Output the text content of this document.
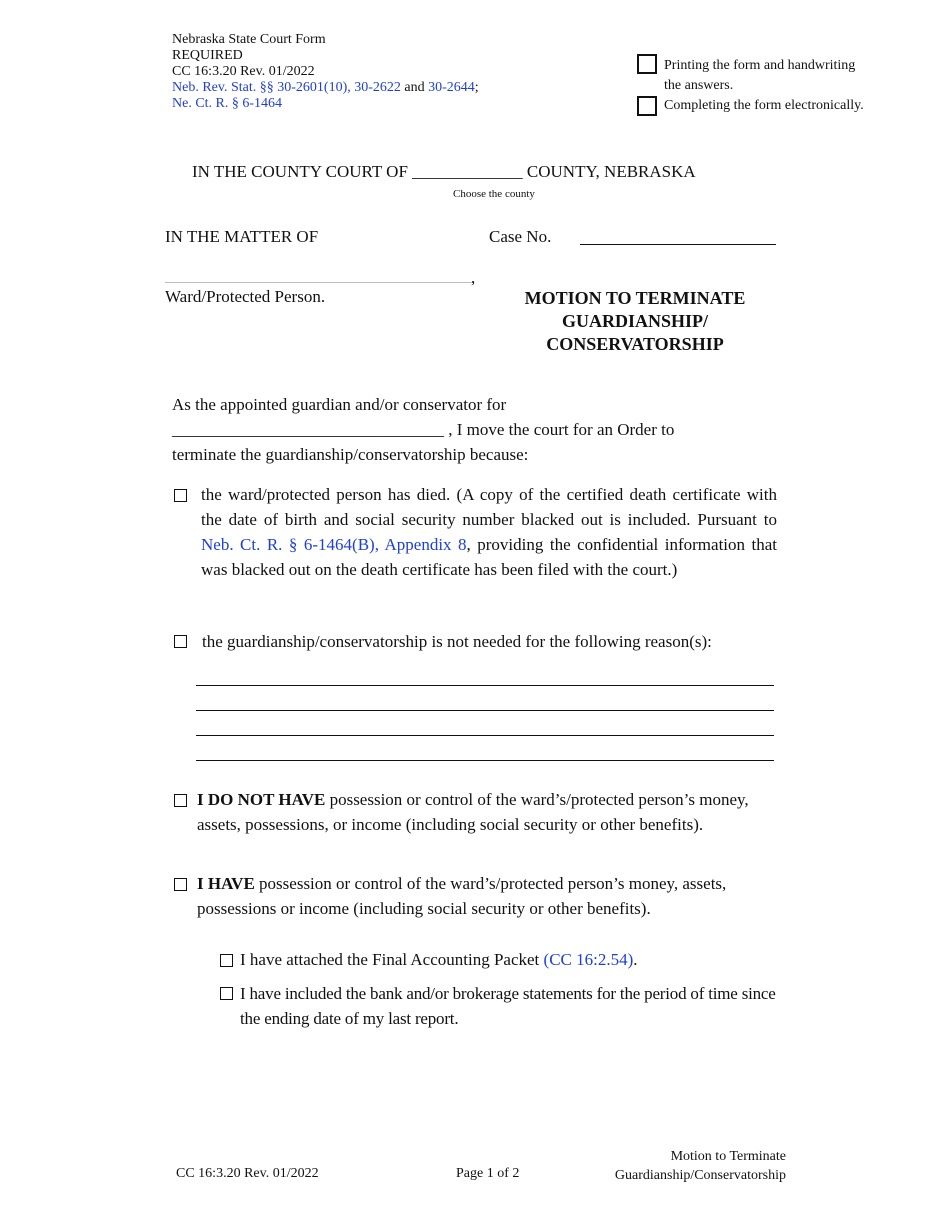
Nebraska State Court Form
REQUIRED
CC 16:3.20 Rev. 01/2022
Neb. Rev. Stat. §§ 30-2601(10), 30-2622 and 30-2644;
Ne. Ct. R. § 6-1464
Printing the form and handwriting
the answers.
Completing the form electronically.
IN THE COUNTY COURT OF _____________ COUNTY, NEBRASKA
Choose the county
IN THE MATTER OF	Case No.
,
Ward/Protected Person.	MOTION TO TERMINATE
GUARDIANSHIP/
CONSERVATORSHIP
As the appointed guardian and/or conservator for
________________________________ , I move the court for an Order to
terminate the guardianship/conservatorship because:
the ward/protected person has died. (A copy of the certified death certificate with the date of birth and social security number blacked out is included. Pursuant to Neb. Ct. R. § 6-1464(B), Appendix 8, providing the confidential information that was blacked out on the death certificate has been filed with the court.)
the guardianship/conservatorship is not needed for the following reason(s):
I DO NOT HAVE possession or control of the ward’s/protected person’s money, assets, possessions, or income (including social security or other benefits).
I HAVE possession or control of the ward’s/protected person’s money, assets, possessions or income (including social security or other benefits).
I have attached the Final Accounting Packet (CC 16:2.54).
I have included the bank and/or brokerage statements for the period of time since the ending date of my last report.
CC 16:3.20 Rev. 01/2022	Page 1 of 2
Motion to Terminate
Guardianship/Conservatorship
